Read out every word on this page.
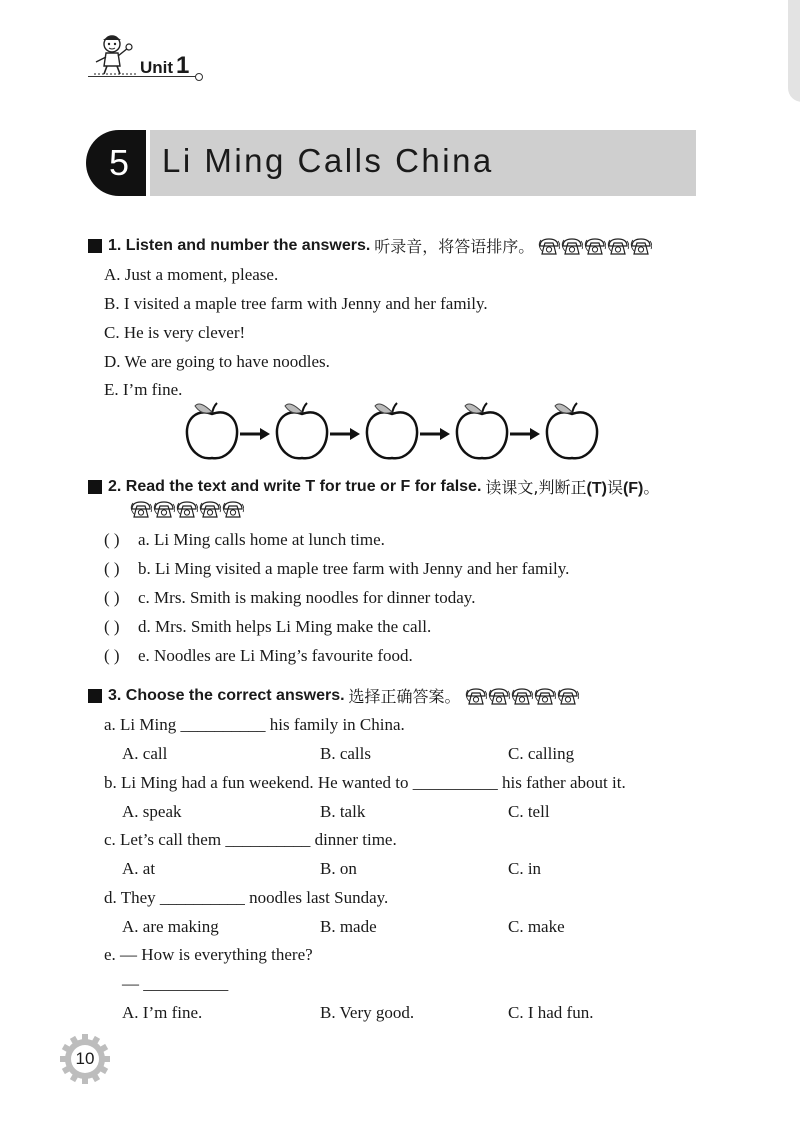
Unit 1
5 Li Ming Calls China
1. Listen and number the answers. 听录音，将答语排序。
A. Just a moment, please.
B. I visited a maple tree farm with Jenny and her family.
C. He is very clever!
D. We are going to have noodles.
E. I’m fine.
2. Read the text and write T for true or F for false. 读课文,判断正(T)误(F)。
( ) a. Li Ming calls home at lunch time.
( ) b. Li Ming visited a maple tree farm with Jenny and her family.
( ) c. Mrs. Smith is making noodles for dinner today.
( ) d. Mrs. Smith helps Li Ming make the call.
( ) e. Noodles are Li Ming’s favourite food.
3. Choose the correct answers. 选择正确答案。
a. Li Ming __________ his family in China.
A. call	B. calls	C. calling
b. Li Ming had a fun weekend. He wanted to __________ his father about it.
A. speak	B. talk	C. tell
c. Let’s call them __________ dinner time.
A. at	B. on	C. in
d. They __________ noodles last Sunday.
A. are making	B. made	C. make
e. — How is everything there?
— __________
A. I’m fine.	B. Very good.	C. I had fun.
10
